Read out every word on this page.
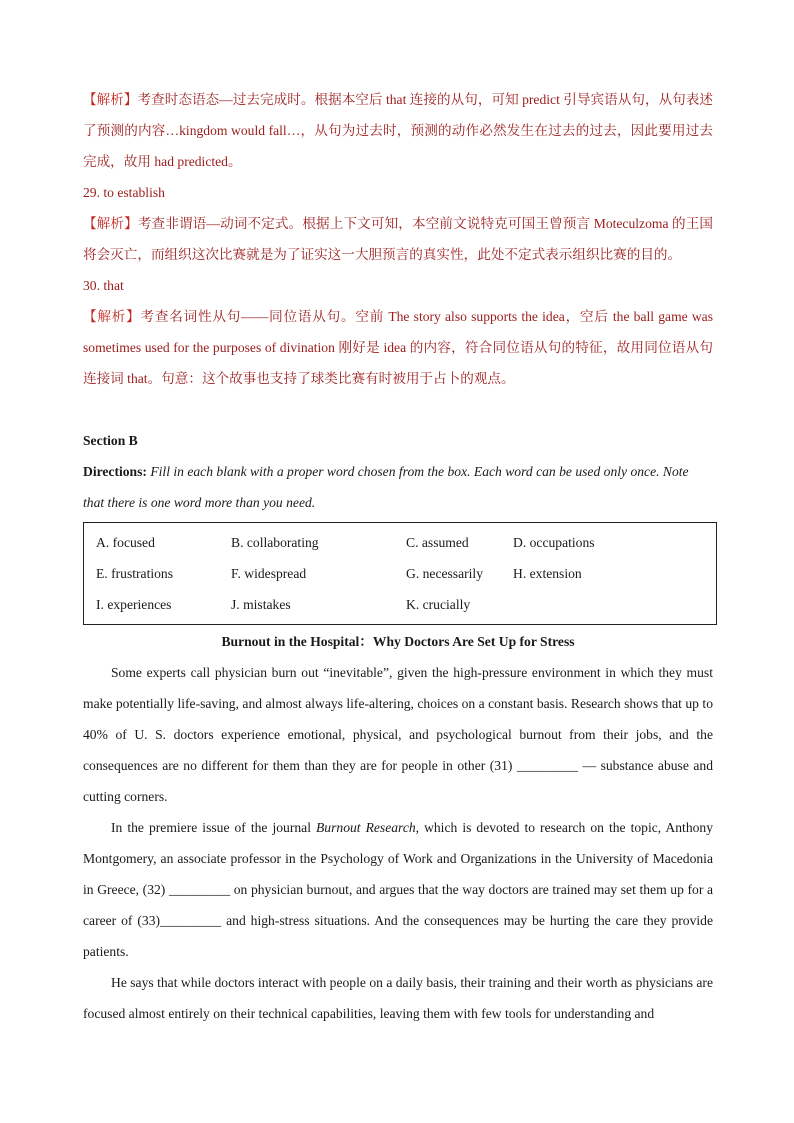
【解析】考查时态语态—过去完成时。根据本空后 that 连接的从句，可知 predict 引导宾语从句，从句表述了预测的内容…kingdom would fall…，从句为过去时，预测的动作必然发生在过去的过去，因此要用过去完成，故用 had predicted。

29. to establish

【解析】考查非谓语—动词不定式。根据上下文可知，本空前文说特克可国王曾预言 Moteculzoma 的王国将会灭亡，而组织这次比赛就是为了证实这一大胆预言的真实性，此处不定式表示组织比赛的目的。

30. that

【解析】考查名词性从句——同位语从句。空前 The story also supports the idea，空后 the ball game was sometimes used for the purposes of divination 刚好是 idea 的内容，符合同位语从句的特征，故用同位语从句连接词 that。句意：这个故事也支持了球类比赛有时被用于占卜的观点。

Section B

Directions: Fill in each blank with a proper word chosen from the box. Each word can be used only once. Note that there is one word more than you need.

A. focused	B. collaborating	C. assumed	D. occupations
E. frustrations	F. widespread	G. necessarily	H. extension
I. experiences	J. mistakes	K. crucially

Burnout in the Hospital：Why Doctors Are Set Up for Stress

Some experts call physician burn out “inevitable”, given the high-pressure environment in which they must make potentially life-saving, and almost always life-altering, choices on a constant basis. Research shows that up to 40% of U. S. doctors experience emotional, physical, and psychological burnout from their jobs, and the consequences are no different for them than they are for people in other (31) _________ — substance abuse and cutting corners.

In the premiere issue of the journal Burnout Research, which is devoted to research on the topic, Anthony Montgomery, an associate professor in the Psychology of Work and Organizations in the University of Macedonia in Greece, (32) _________ on physician burnout, and argues that the way doctors are trained may set them up for a career of (33)_________ and high-stress situations. And the consequences may be hurting the care they provide patients.

He says that while doctors interact with people on a daily basis, their training and their worth as physicians are focused almost entirely on their technical capabilities, leaving them with few tools for understanding and
